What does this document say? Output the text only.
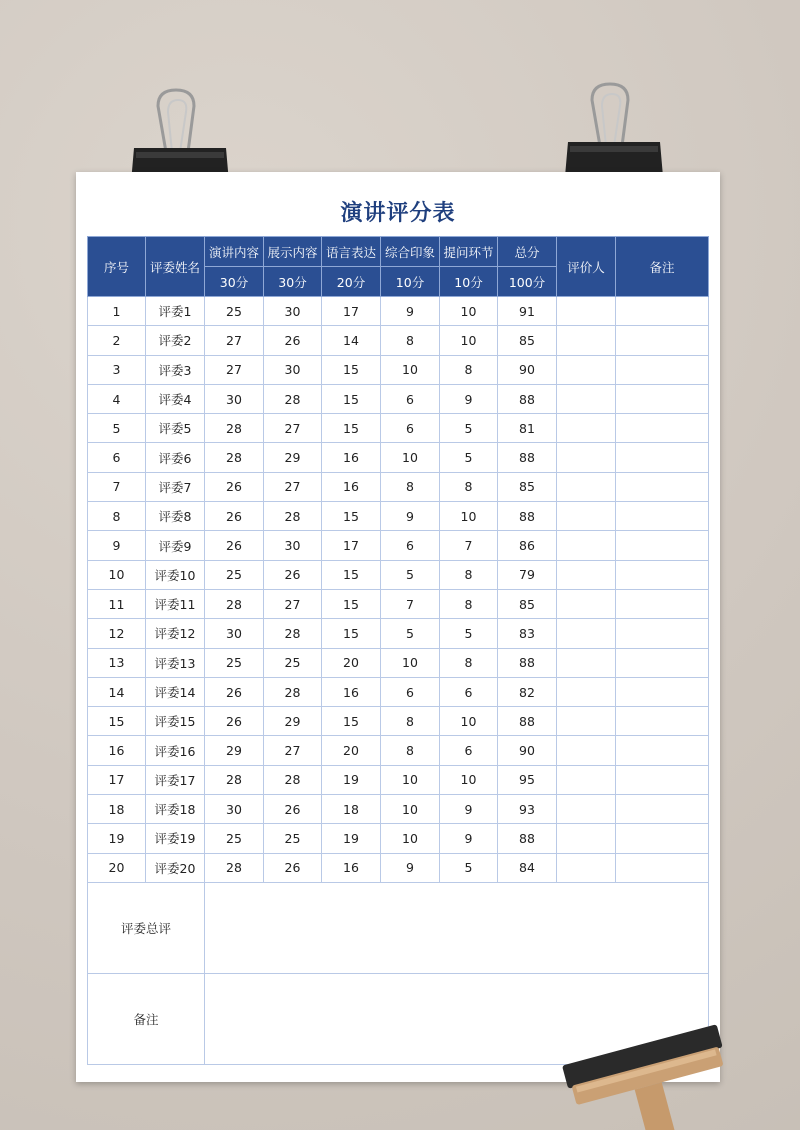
演讲评分表
序号	评委姓名	演讲内容	展示内容	语言表达	综合印象	提问环节	总分	评价人	备注
		30分	30分	20分	10分	10分	100分		
1	评委1	25	30	17	9	10	91		
2	评委2	27	26	14	8	10	85		
3	评委3	27	30	15	10	8	90		
4	评委4	30	28	15	6	9	88		
5	评委5	28	27	15	6	5	81		
6	评委6	28	29	16	10	5	88		
7	评委7	26	27	16	8	8	85		
8	评委8	26	28	15	9	10	88		
9	评委9	26	30	17	6	7	86		
10	评委10	25	26	15	5	8	79		
11	评委11	28	27	15	7	8	85		
12	评委12	30	28	15	5	5	83		
13	评委13	25	25	20	10	8	88		
14	评委14	26	28	16	6	6	82		
15	评委15	26	29	15	8	10	88		
16	评委16	29	27	20	8	6	90		
17	评委17	28	28	19	10	10	95		
18	评委18	30	26	18	10	9	93		
19	评委19	25	25	19	10	9	88		
20	评委20	28	26	16	9	5	84		
评委总评									
备注									
